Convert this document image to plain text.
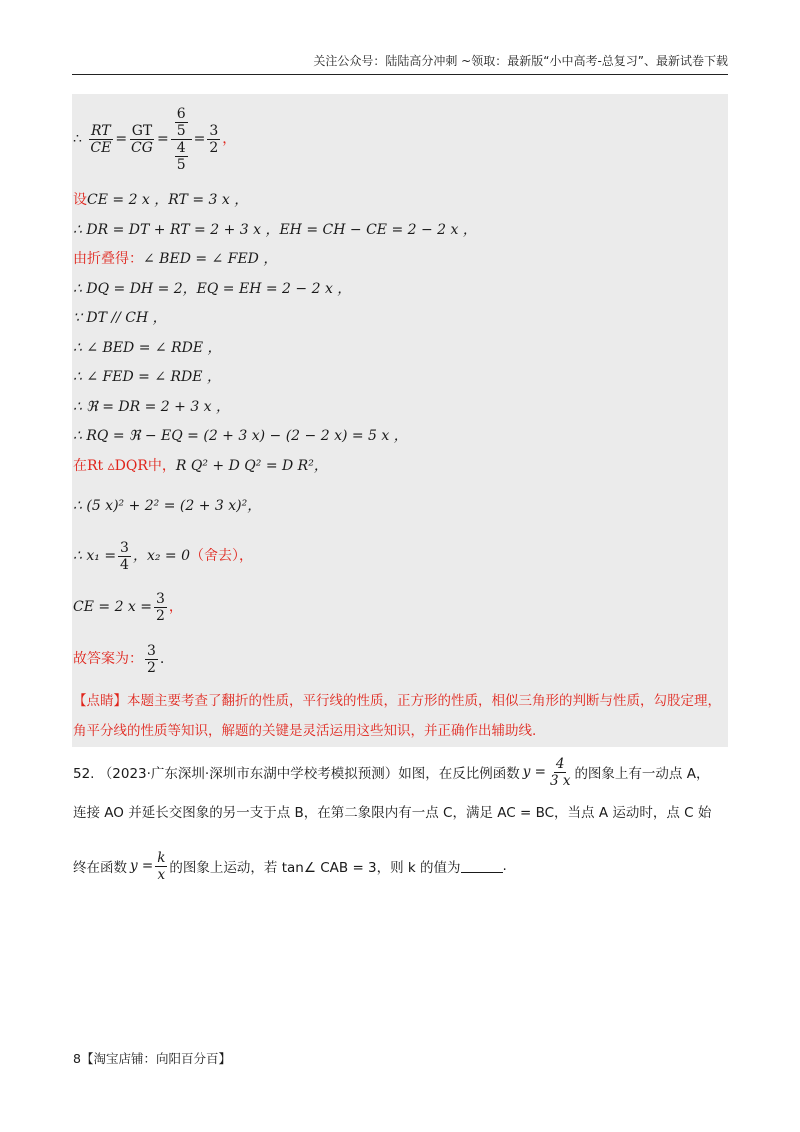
关注公众号：陆陆高分冲刺 ~领取：最新版“小中高考-总复习”、最新试卷下载
∴
$\frac{RT}{CE} = \frac{GT}{CG} = \frac{\frac{6}{5}}{\frac{4}{5}} = \frac{3}{2}$ ，
设CE = 2 x ，RT = 3 x ，
∴ DR = DT + RT = 2 + 3 x ，EH = CH − CE = 2 − 2 x ，
由折叠得：∠ BED = ∠ FED ，
∴ DQ = DH = 2，EQ = EH = 2 − 2 x ，
∵ DT // CH ，
∴ ∠ BED = ∠ RDE ，
∴ ∠ FED = ∠ RDE ，
∴ ℜ = DR = 2 + 3 x ，
∴ RQ = ℜ − EQ = (2 + 3 x) − (2 − 2 x) = 5 x ，
在Rt ▵DQR中，R Q² + D Q² = D R²，
∴ (5 x)² + 2² = (2 + 3 x)²，
∴ $x_1 = \frac{3}{4}$ ，x₂ = 0 （舍去），
CE = 2 $x = \frac{3}{2}$ ，
故答案为： $\frac{3}{2}$ .
【点睛】本题主要考查了翻折的性质，平行线的性质，正方形的性质，相似三角形的判断与性质，勾股定理，角平分线的性质等知识，解题的关键是灵活运用这些知识，并正确作出辅助线.
52. （2023·广东深圳·深圳市东湖中学校考模拟预测）如图，在反比例函数 $y = \frac{4}{3 x}$ 的图象上有一动点 A，
连接 AO 并延长交图象的另一支于点 B，在第二象限内有一点 C，满足 AC = BC，当点 A 运动时，点 C 始
终在函数 $y = \frac{k}{x}$ 的图象上运动，若 tan∠ CAB = 3，则 k 的值为	.
8【淘宝店铺：向阳百分百】
